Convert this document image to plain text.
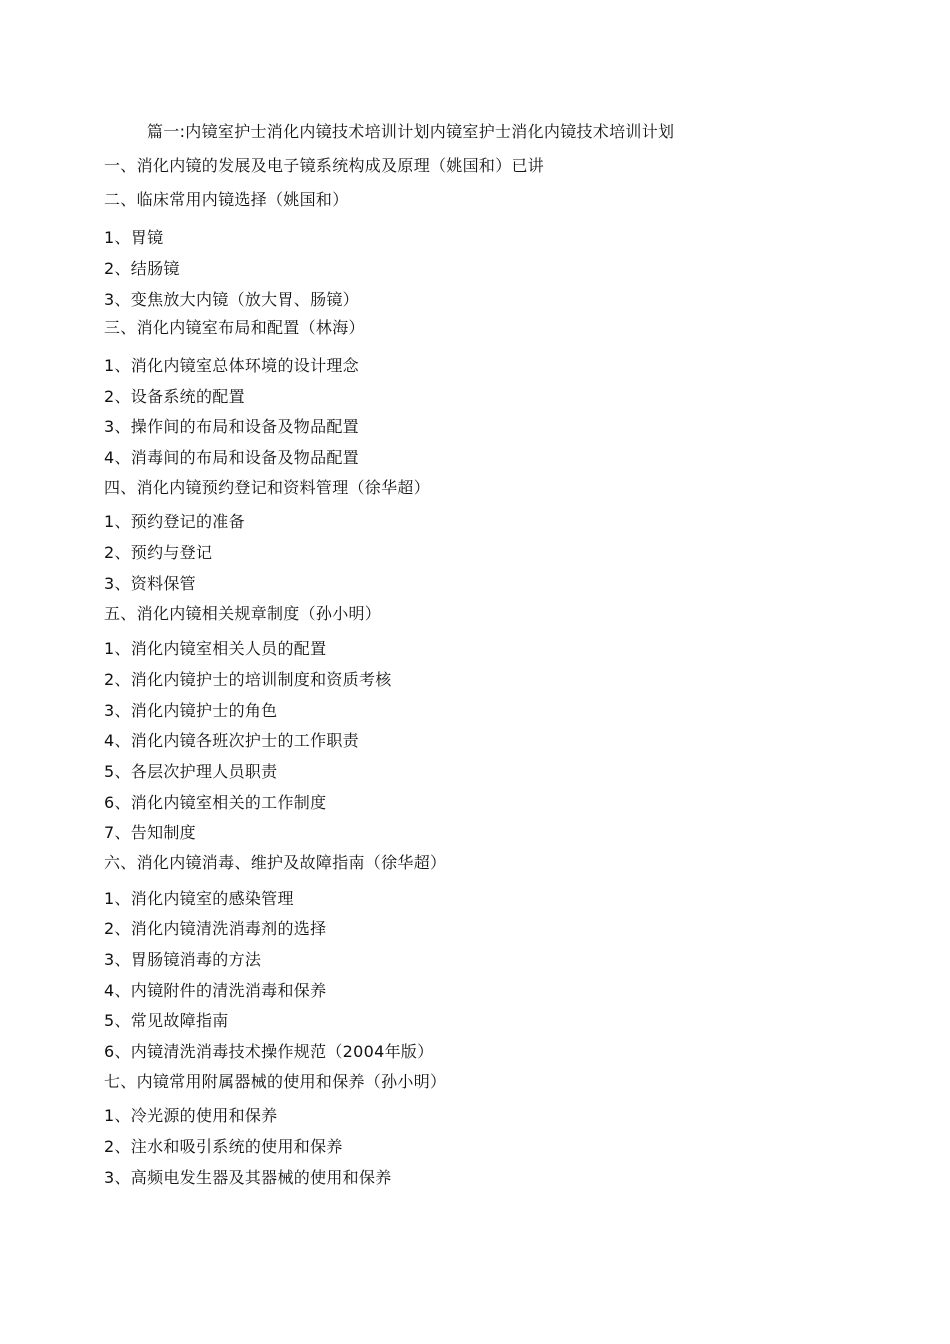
篇一:内镜室护士消化内镜技术培训计划内镜室护士消化内镜技术培训计划

一、消化内镜的发展及电子镜系统构成及原理（姚国和）已讲

二、临床常用内镜选择（姚国和）

1、胃镜

2、结肠镜

3、变焦放大内镜（放大胃、肠镜）

三、消化内镜室布局和配置（林海）

1、消化内镜室总体环境的设计理念

2、设备系统的配置

3、操作间的布局和设备及物品配置

4、消毒间的布局和设备及物品配置

四、消化内镜预约登记和资料管理（徐华超）

1、预约登记的准备

2、预约与登记

3、资料保管

五、消化内镜相关规章制度（孙小明）

1、消化内镜室相关人员的配置

2、消化内镜护士的培训制度和资质考核

3、消化内镜护士的角色

4、消化内镜各班次护士的工作职责

5、各层次护理人员职责

6、消化内镜室相关的工作制度

7、告知制度

六、消化内镜消毒、维护及故障指南（徐华超）

1、消化内镜室的感染管理

2、消化内镜清洗消毒剂的选择

3、胃肠镜消毒的方法

4、内镜附件的清洗消毒和保养

5、常见故障指南

6、内镜清洗消毒技术操作规范（2004年版）

七、内镜常用附属器械的使用和保养（孙小明）

1、冷光源的使用和保养

2、注水和吸引系统的使用和保养

3、高频电发生器及其器械的使用和保养
